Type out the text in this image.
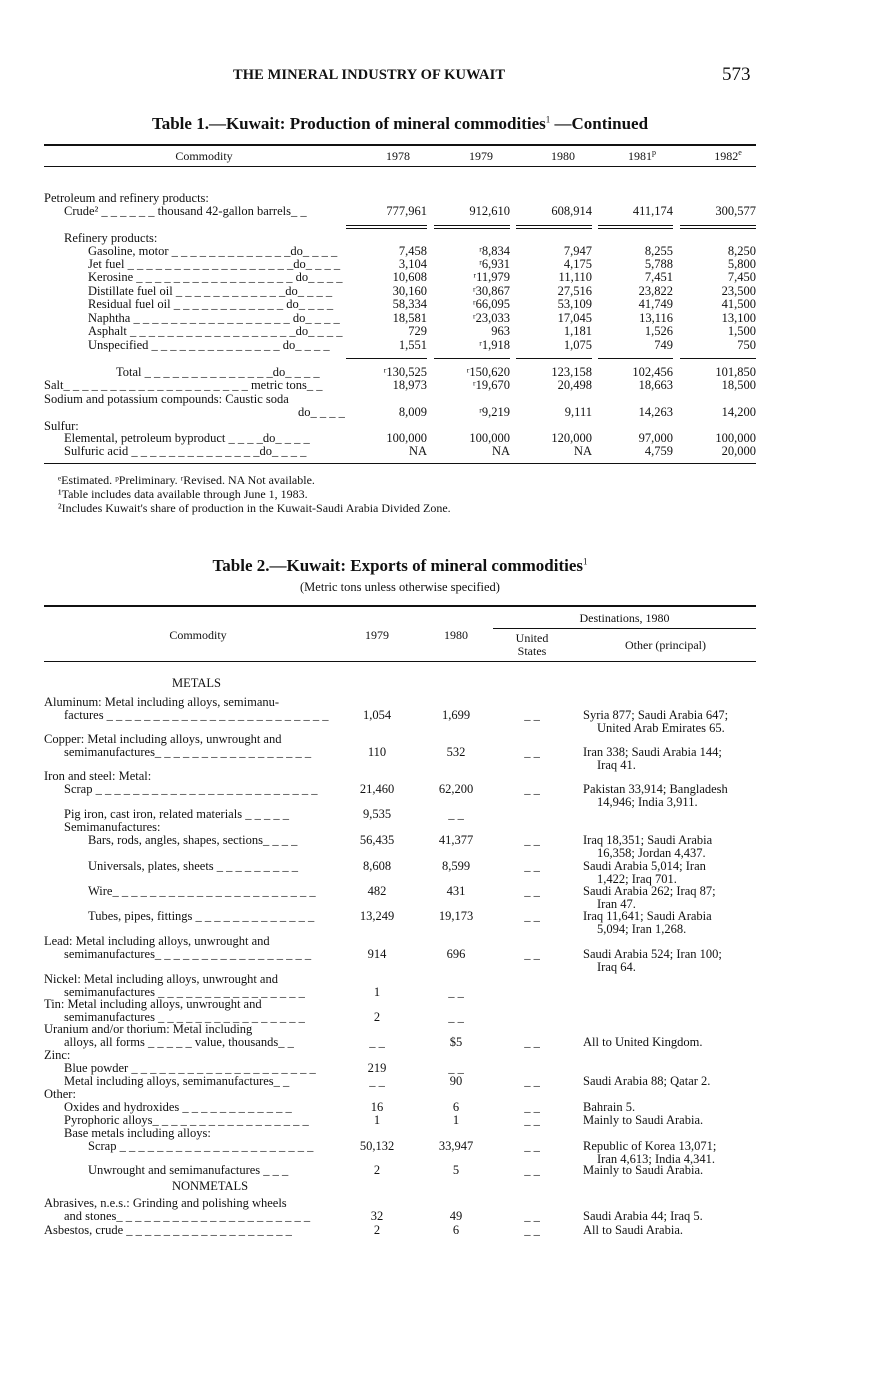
THE MINERAL INDUSTRY OF KUWAIT	573
Table 1.—Kuwait: Production of mineral commodities$^1$ —Continued
Commodity	1978	1979	1980	1981$^p$	1982e
Petroleum and refinery products:
Crude² _ _ _ _ _ _ thousand 42-gallon barrels_ _	777,961	912,610	608,914	411,174	300,577
Refinery products:
Gasoline, motor _ _ _ _ _ _ _ _ _ _ _ _ _do_ _ _ _	7,458	ʳ8,834	7,947	8,255	8,250
Jet fuel _ _ _ _ _ _ _ _ _ _ _ _ _ _ _ _ _ _do_ _ _ _	3,104	ʳ6,931	4,175	5,788	5,800
Kerosine _ _ _ _ _ _ _ _ _ _ _ _ _ _ _ _ _ do_ _ _ _	10,608	ʳ11,979	11,110	7,451	7,450
Distillate fuel oil _ _ _ _ _ _ _ _ _ _ _ _do_ _ _ _	30,160	ʳ30,867	27,516	23,822	23,500
Residual fuel oil _ _ _ _ _ _ _ _ _ _ _ _ do_ _ _ _	58,334	ʳ66,095	53,109	41,749	41,500
Naphtha _ _ _ _ _ _ _ _ _ _ _ _ _ _ _ _ _ do_ _ _ _	18,581	ʳ23,033	17,045	13,116	13,100
Asphalt _ _ _ _ _ _ _ _ _ _ _ _ _ _ _ _ _ _do_ _ _ _	729	963	1,181	1,526	1,500
Unspecified _ _ _ _ _ _ _ _ _ _ _ _ _ _ do_ _ _ _	1,551	ʳ1,918	1,075	749	750
Total _ _ _ _ _ _ _ _ _ _ _ _ _ _do_ _ _ _	ʳ130,525	ʳ150,620	123,158	102,456	101,850
Salt_ _ _ _ _ _ _ _ _ _ _ _ _ _ _ _ _ _ _ _ metric tons_ _	18,973	ʳ19,670	20,498	18,663	18,500
Sodium and potassium compounds: Caustic soda
do_ _ _ _	8,009	ʳ9,219	9,111	14,263	14,200
Sulfur:
Elemental, petroleum byproduct _ _ _ _do_ _ _ _	100,000	100,000	120,000	97,000	100,000
Sulfuric acid _ _ _ _ _ _ _ _ _ _ _ _ _ _do_ _ _ _	NA	NA	NA	4,759	20,000
ᵉEstimated. ᵖPreliminary. ʳRevised. NA Not available.
¹Table includes data available through June 1, 1983.
²Includes Kuwait's share of production in the Kuwait-Saudi Arabia Divided Zone.
Table 2.—Kuwait: Exports of mineral commodities$^1$
(Metric tons unless otherwise specified)
Commodity	1979	1980
Destinations, 1980
United
States	Other (principal)
METALS
Aluminum: Metal including alloys, semimanu-
factures _ _ _ _ _ _ _ _ _ _ _ _ _ _ _ _ _ _ _ _ _ _ _ _	1,054	1,699	_ _	Syria 877; Saudi Arabia 647;
United Arab Emirates 65.
Copper: Metal including alloys, unwrought and
semimanufactures_ _ _ _ _ _ _ _ _ _ _ _ _ _ _ _ _	110	532	_ _	Iran 338; Saudi Arabia 144;
Iraq 41.
Iron and steel: Metal:
Scrap _ _ _ _ _ _ _ _ _ _ _ _ _ _ _ _ _ _ _ _ _ _ _ _	21,460	62,200	_ _	Pakistan 33,914; Bangladesh
14,946; India 3,911.
Pig iron, cast iron, related materials _ _ _ _ _	9,535	_ _
Semimanufactures:
Bars, rods, angles, shapes, sections_ _ _ _	56,435	41,377	_ _	Iraq 18,351; Saudi Arabia
16,358; Jordan 4,437.
Universals, plates, sheets _ _ _ _ _ _ _ _ _	8,608	8,599	_ _	Saudi Arabia 5,014; Iran
1,422; Iraq 701.
Wire_ _ _ _ _ _ _ _ _ _ _ _ _ _ _ _ _ _ _ _ _ _	482	431	_ _	Saudi Arabia 262; Iraq 87;
Iran 47.
Tubes, pipes, fittings _ _ _ _ _ _ _ _ _ _ _ _ _	13,249	19,173	_ _	Iraq 11,641; Saudi Arabia
5,094; Iran 1,268.
Lead: Metal including alloys, unwrought and
semimanufactures_ _ _ _ _ _ _ _ _ _ _ _ _ _ _ _ _	914	696	_ _	Saudi Arabia 524; Iran 100;
Iraq 64.
Nickel: Metal including alloys, unwrought and
semimanufactures _ _ _ _ _ _ _ _ _ _ _ _ _ _ _ _	1	_ _
Tin: Metal including alloys, unwrought and
semimanufactures _ _ _ _ _ _ _ _ _ _ _ _ _ _ _ _	2	_ _
Uranium and/or thorium: Metal including
alloys, all forms _ _ _ _ _ value, thousands_ _	_ _	$5	_ _	All to United Kingdom.
Zinc:
Blue powder _ _ _ _ _ _ _ _ _ _ _ _ _ _ _ _ _ _ _ _	219	_ _
Metal including alloys, semimanufactures_ _	_ _	90	_ _	Saudi Arabia 88; Qatar 2.
Other:
Oxides and hydroxides _ _ _ _ _ _ _ _ _ _ _ _	16	6	_ _	Bahrain 5.
Pyrophoric alloys_ _ _ _ _ _ _ _ _ _ _ _ _ _ _ _ _	1	1	_ _	Mainly to Saudi Arabia.
Base metals including alloys:
Scrap _ _ _ _ _ _ _ _ _ _ _ _ _ _ _ _ _ _ _ _ _	50,132	33,947	_ _	Republic of Korea 13,071;
Iran 4,613; India 4,341.
Unwrought and semimanufactures _ _ _	2	5	_ _	Mainly to Saudi Arabia.
NONMETALS
Abrasives, n.e.s.: Grinding and polishing wheels
and stones_ _ _ _ _ _ _ _ _ _ _ _ _ _ _ _ _ _ _ _ _	32	49	_ _	Saudi Arabia 44; Iraq 5.
Asbestos, crude _ _ _ _ _ _ _ _ _ _ _ _ _ _ _ _ _ _	2	6	_ _	All to Saudi Arabia.
